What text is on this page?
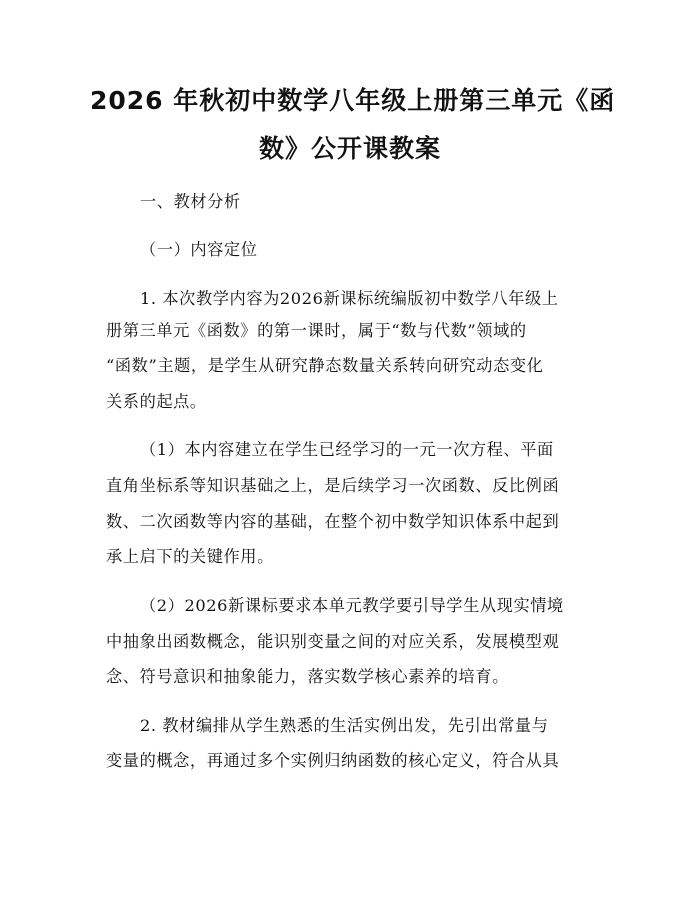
2026 年秋初中数学八年级上册第三单元《函
数》公开课教案
一、教材分析
（一）内容定位
1. 本次教学内容为2026新课标统编版初中数学八年级上
册第三单元《函数》的第一课时，属于“数与代数”领域的
“函数”主题，是学生从研究静态数量关系转向研究动态变化
关系的起点。
（1）本内容建立在学生已经学习的一元一次方程、平面
直角坐标系等知识基础之上，是后续学习一次函数、反比例函
数、二次函数等内容的基础，在整个初中数学知识体系中起到
承上启下的关键作用。
（2）2026新课标要求本单元教学要引导学生从现实情境
中抽象出函数概念，能识别变量之间的对应关系，发展模型观
念、符号意识和抽象能力，落实数学核心素养的培育。
2. 教材编排从学生熟悉的生活实例出发，先引出常量与
变量的概念，再通过多个实例归纳函数的核心定义，符合从具
